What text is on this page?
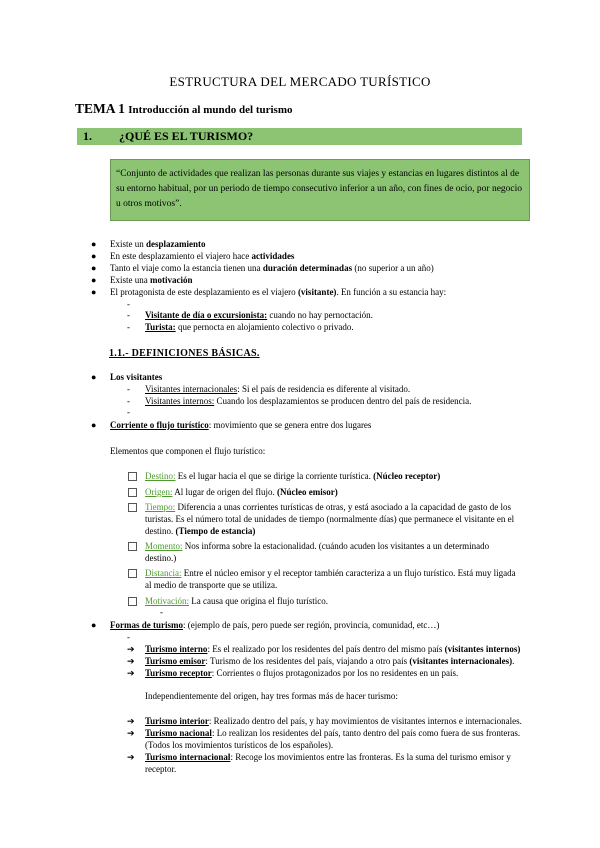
ESTRUCTURA DEL MERCADO TURÍSTICO
TEMA 1 Introducción al mundo del turismo
1. ¿QUÉ ES EL TURISMO?
“Conjunto de actividades que realizan las personas durante sus viajes y estancias en lugares distintos al de su entorno habitual, por un periodo de tiempo consecutivo inferior a un año, con fines de ocio, por negocio u otros motivos”.
● Existe un desplazamiento
● En este desplazamiento el viajero hace actividades
● Tanto el viaje como la estancia tienen una duración determinadas (no superior a un año)
● Existe una motivación
● El protagonista de este desplazamiento es el viajero (visitante). En función a su estancia hay:
-
- Visitante de día o excursionista: cuando no hay pernoctación.
- Turista: que pernocta en alojamiento colectivo o privado.
1.1.- DEFINICIONES BÁSICAS.
● Los visitantes
- Visitantes internacionales: Si el país de residencia es diferente al visitado.
- Visitantes internos: Cuando los desplazamientos se producen dentro del país de residencia.
-
● Corriente o flujo turístico: movimiento que se genera entre dos lugares
Elementos que componen el flujo turístico:
Destino: Es el lugar hacia el que se dirige la corriente turística. (Núcleo receptor)
Origen: Al lugar de origen del flujo. (Núcleo emisor)
Tiempo: Diferencia a unas corrientes turísticas de otras, y está asociado a la capacidad de gasto de los
turistas. Es el número total de unidades de tiempo (normalmente días) que permanece el visitante en el
destino. (Tiempo de estancia)
Momento: Nos informa sobre la estacionalidad. (cuándo acuden los visitantes a un determinado
destino.)
Distancia: Entre el núcleo emisor y el receptor también caracteriza a un flujo turístico. Está muy ligada
al medio de transporte que se utiliza.
Motivación: La causa que origina el flujo turístico.
-
● Formas de turismo: (ejemplo de país, pero puede ser región, provincia, comunidad, etc…)
-
➔ Turismo interno: Es el realizado por los residentes del país dentro del mismo país (visitantes internos)
➔ Turismo emisor: Turismo de los residentes del país, viajando a otro país (visitantes internacionales).
➔ Turismo receptor: Corrientes o flujos protagonizados por los no residentes en un país.
Independientemente del origen, hay tres formas más de hacer turismo:
➔ Turismo interior: Realizado dentro del país, y hay movimientos de visitantes internos e internacionales.
➔ Turismo nacional: Lo realizan los residentes del país, tanto dentro del país como fuera de sus fronteras.
(Todos los movimientos turísticos de los españoles).
➔ Turismo internacional: Recoge los movimientos entre las fronteras. Es la suma del turismo emisor y
receptor.
